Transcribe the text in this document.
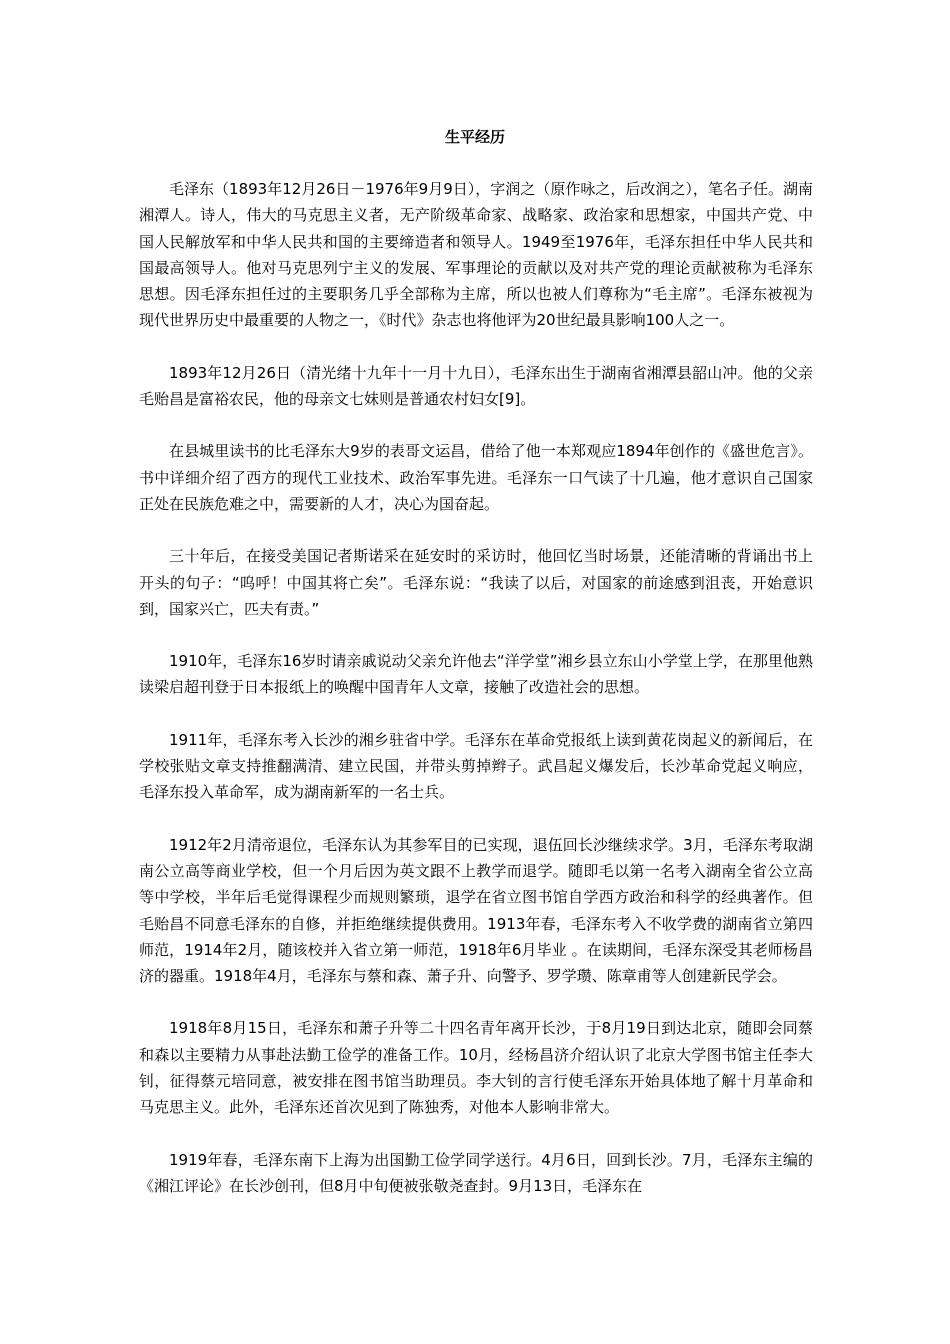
生平经历

毛泽东（1893年12月26日－1976年9月9日），字润之（原作咏之，后改润之），笔名子任。湖南湘潭人。诗人，伟大的马克思主义者，无产阶级革命家、战略家、政治家和思想家，中国共产党、中国人民解放军和中华人民共和国的主要缔造者和领导人。1949至1976年，毛泽东担任中华人民共和国最高领导人。他对马克思列宁主义的发展、军事理论的贡献以及对共产党的理论贡献被称为毛泽东思想。因毛泽东担任过的主要职务几乎全部称为主席，所以也被人们尊称为“毛主席”。毛泽东被视为现代世界历史中最重要的人物之一，《时代》杂志也将他评为20世纪最具影响100人之一。

1893年12月26日（清光绪十九年十一月十九日），毛泽东出生于湖南省湘潭县韶山冲。他的父亲毛贻昌是富裕农民，他的母亲文七妹则是普通农村妇女[9]。

在县城里读书的比毛泽东大9岁的表哥文运昌，借给了他一本郑观应1894年创作的《盛世危言》。书中详细介绍了西方的现代工业技术、政治军事先进。毛泽东一口气读了十几遍，他才意识自己国家正处在民族危难之中，需要新的人才，决心为国奋起。

三十年后，在接受美国记者斯诺采在延安时的采访时，他回忆当时场景，还能清晰的背诵出书上开头的句子：“呜呼！中国其将亡矣”。毛泽东说：“我读了以后，对国家的前途感到沮丧，开始意识到，国家兴亡，匹夫有责。”

1910年，毛泽东16岁时请亲戚说动父亲允许他去“洋学堂”湘乡县立东山小学堂上学，在那里他熟读梁启超刊登于日本报纸上的唤醒中国青年人文章，接触了改造社会的思想。

1911年，毛泽东考入长沙的湘乡驻省中学。毛泽东在革命党报纸上读到黄花岗起义的新闻后，在学校张贴文章支持推翻满清、建立民国，并带头剪掉辫子。武昌起义爆发后，长沙革命党起义响应，毛泽东投入革命军，成为湖南新军的一名士兵。

1912年2月清帝退位，毛泽东认为其参军目的已实现，退伍回长沙继续求学。3月，毛泽东考取湖南公立高等商业学校，但一个月后因为英文跟不上教学而退学。随即毛以第一名考入湖南全省公立高等中学校，半年后毛觉得课程少而规则繁琐，退学在省立图书馆自学西方政治和科学的经典著作。但毛贻昌不同意毛泽东的自修，并拒绝继续提供费用。1913年春，毛泽东考入不收学费的湖南省立第四师范，1914年2月，随该校并入省立第一师范，1918年6月毕业 。在读期间，毛泽东深受其老师杨昌济的器重。1918年4月，毛泽东与蔡和森、萧子升、向警予、罗学瓒、陈章甫等人创建新民学会。

1918年8月15日，毛泽东和萧子升等二十四名青年离开长沙，于8月19日到达北京，随即会同蔡和森以主要精力从事赴法勤工俭学的准备工作。10月，经杨昌济介绍认识了北京大学图书馆主任李大钊，征得蔡元培同意，被安排在图书馆当助理员。李大钊的言行使毛泽东开始具体地了解十月革命和马克思主义。此外，毛泽东还首次见到了陈独秀，对他本人影响非常大。

1919年春，毛泽东南下上海为出国勤工俭学同学送行。4月6日，回到长沙。7月，毛泽东主编的《湘江评论》在长沙创刊，但8月中旬便被张敬尧查封。9月13日，毛泽东在
